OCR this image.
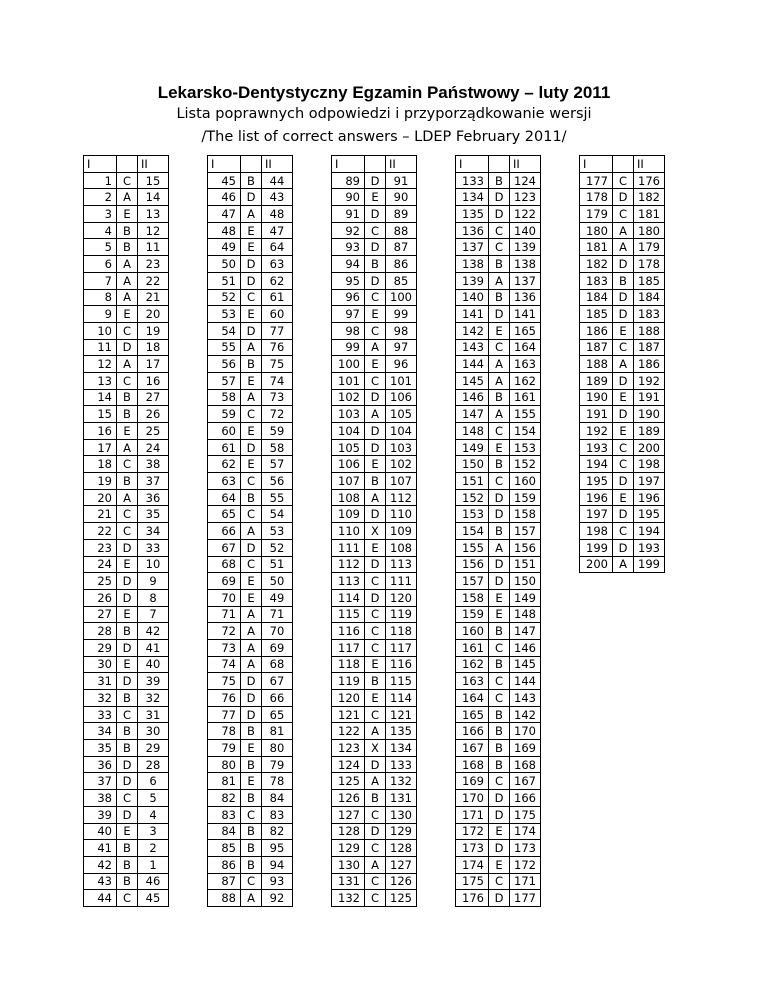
Lekarsko-Dentystyczny Egzamin Państwowy – luty 2011
Lista poprawnych odpowiedzi i przyporządkowanie wersji
/The list of correct answers – LDEP February 2011/
I		II
1	C	15
2	A	14
3	E	13
4	B	12
5	B	11
6	A	23
7	A	22
8	A	21
9	E	20
10	C	19
11	D	18
12	A	17
13	C	16
14	B	27
15	B	26
16	E	25
17	A	24
18	C	38
19	B	37
20	A	36
21	C	35
22	C	34
23	D	33
24	E	10
25	D	9
26	D	8
27	E	7
28	B	42
29	D	41
30	E	40
31	D	39
32	B	32
33	C	31
34	B	30
35	B	29
36	D	28
37	D	6
38	C	5
39	D	4
40	E	3
41	B	2
42	B	1
43	B	46
44	C	45
I		II
45	B	44
46	D	43
47	A	48
48	E	47
49	E	64
50	D	63
51	D	62
52	C	61
53	E	60
54	D	77
55	A	76
56	B	75
57	E	74
58	A	73
59	C	72
60	E	59
61	D	58
62	E	57
63	C	56
64	B	55
65	C	54
66	A	53
67	D	52
68	C	51
69	E	50
70	E	49
71	A	71
72	A	70
73	A	69
74	A	68
75	D	67
76	D	66
77	D	65
78	B	81
79	E	80
80	B	79
81	E	78
82	B	84
83	C	83
84	B	82
85	B	95
86	B	94
87	C	93
88	A	92
I		II
89	D	91
90	E	90
91	D	89
92	C	88
93	D	87
94	B	86
95	D	85
96	C	100
97	E	99
98	C	98
99	A	97
100	E	96
101	C	101
102	D	106
103	A	105
104	D	104
105	D	103
106	E	102
107	B	107
108	A	112
109	D	110
110	X	109
111	E	108
112	D	113
113	C	111
114	D	120
115	C	119
116	C	118
117	C	117
118	E	116
119	B	115
120	E	114
121	C	121
122	A	135
123	X	134
124	D	133
125	A	132
126	B	131
127	C	130
128	D	129
129	C	128
130	A	127
131	C	126
132	C	125
I		II
133	B	124
134	D	123
135	D	122
136	C	140
137	C	139
138	B	138
139	A	137
140	B	136
141	D	141
142	E	165
143	C	164
144	A	163
145	A	162
146	B	161
147	A	155
148	C	154
149	E	153
150	B	152
151	C	160
152	D	159
153	D	158
154	B	157
155	A	156
156	D	151
157	D	150
158	E	149
159	E	148
160	B	147
161	C	146
162	B	145
163	C	144
164	C	143
165	B	142
166	B	170
167	B	169
168	B	168
169	C	167
170	D	166
171	D	175
172	E	174
173	D	173
174	E	172
175	C	171
176	D	177
I		II
177	C	176
178	D	182
179	C	181
180	A	180
181	A	179
182	D	178
183	B	185
184	D	184
185	D	183
186	E	188
187	C	187
188	A	186
189	D	192
190	E	191
191	D	190
192	E	189
193	C	200
194	C	198
195	D	197
196	E	196
197	D	195
198	C	194
199	D	193
200	A	199
